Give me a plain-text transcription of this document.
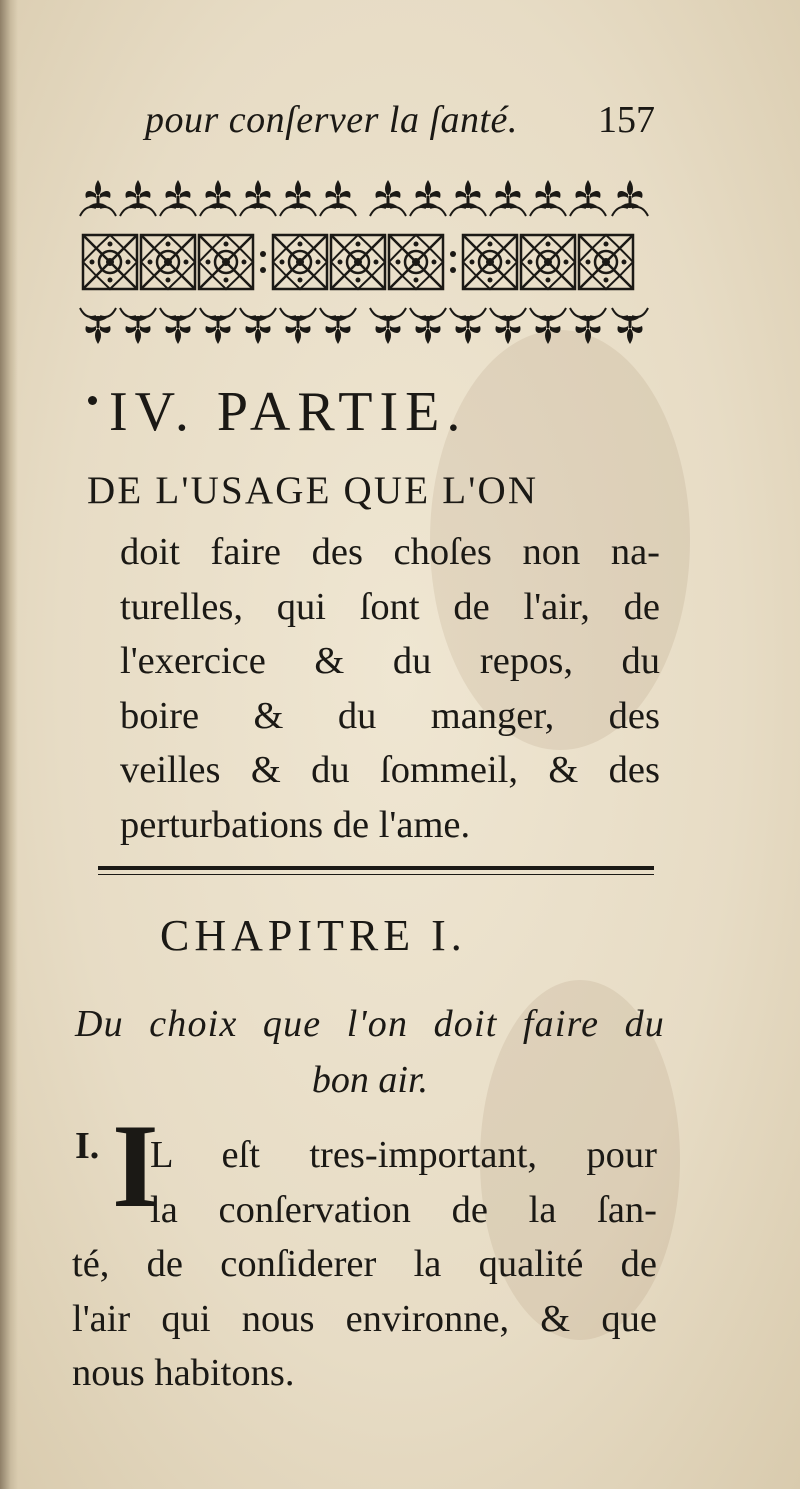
pour conſerver la ſanté. 157
IV. PARTIE.
DE L'USAGE QUE L'ON
doit faire des choſes non na-
turelles, qui ſont de l'air, de
l'exercice & du repos, du
boire & du manger, des
veilles & du ſommeil, & des
perturbations de l'ame.
CHAPITRE I.
Du choix que l'on doit faire du
bon air.
I. I
L eſt tres-important, pour
la conſervation de la ſan-
té, de conſiderer la qualité de
l'air qui nous environne, & que
nous habitons.
